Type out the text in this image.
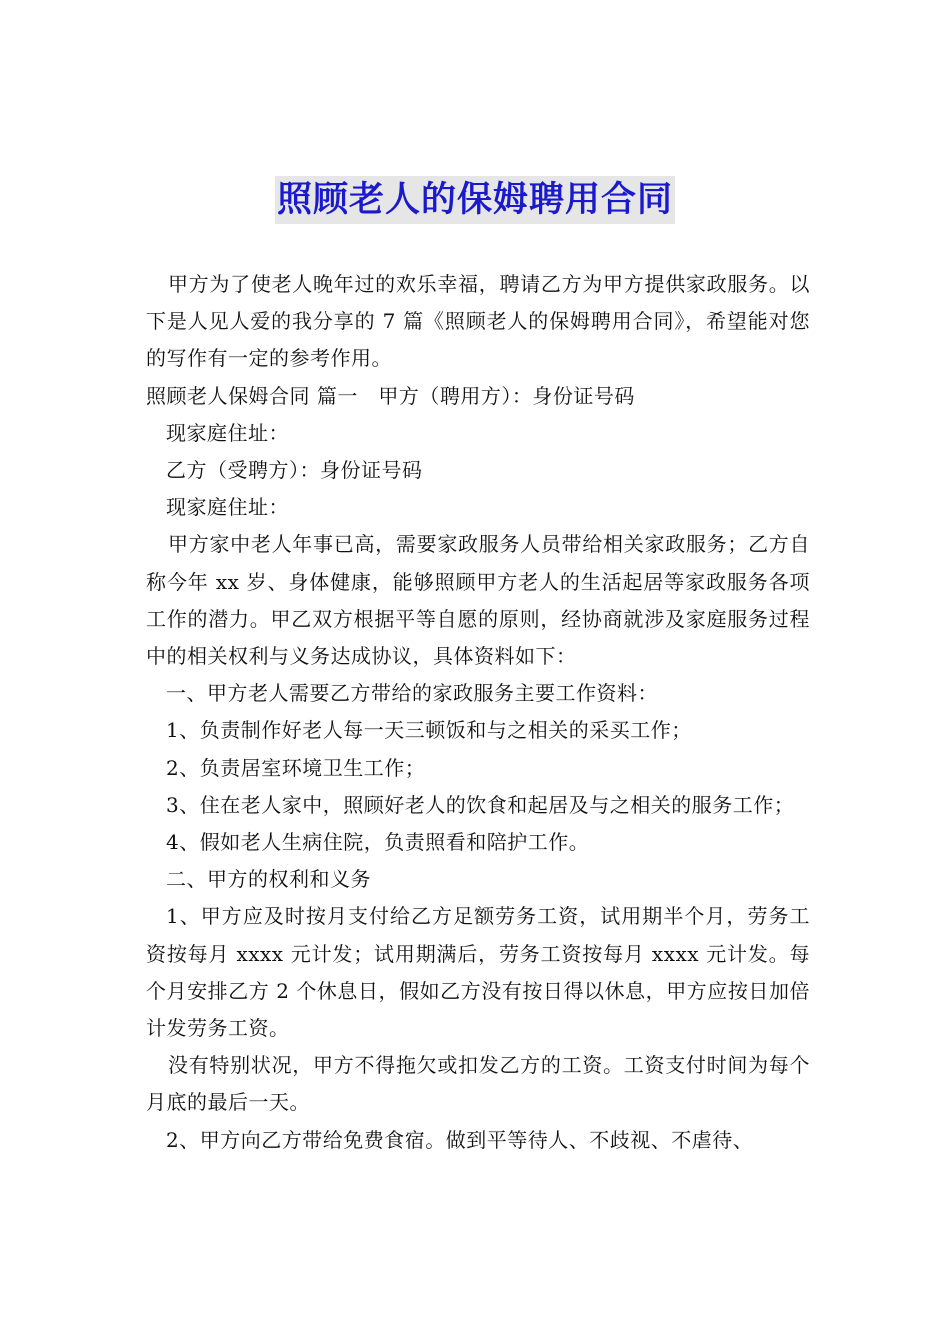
照顾老人的保姆聘用合同

甲方为了使老人晚年过的欢乐幸福，聘请乙方为甲方提供家政服务。以下是人见人爱的我分享的 7 篇《照顾老人的保姆聘用合同》，希望能对您的写作有一定的参考作用。

照顾老人保姆合同 篇一　甲方（聘用方）：身份证号码

现家庭住址：

乙方（受聘方）：身份证号码

现家庭住址：

甲方家中老人年事已高，需要家政服务人员带给相关家政服务；乙方自称今年 xx 岁、身体健康，能够照顾甲方老人的生活起居等家政服务各项工作的潜力。甲乙双方根据平等自愿的原则，经协商就涉及家庭服务过程中的相关权利与义务达成协议，具体资料如下：

一、甲方老人需要乙方带给的家政服务主要工作资料：

1、负责制作好老人每一天三顿饭和与之相关的采买工作；

2、负责居室环境卫生工作；

3、住在老人家中，照顾好老人的饮食和起居及与之相关的服务工作；

4、假如老人生病住院，负责照看和陪护工作。

二、甲方的权利和义务

1、甲方应及时按月支付给乙方足额劳务工资，试用期半个月，劳务工资按每月 xxxx 元计发；试用期满后，劳务工资按每月 xxxx 元计发。每个月安排乙方 2 个休息日，假如乙方没有按日得以休息，甲方应按日加倍计发劳务工资。

没有特别状况，甲方不得拖欠或扣发乙方的工资。工资支付时间为每个月底的最后一天。

2、甲方向乙方带给免费食宿。做到平等待人、不歧视、不虐待、
